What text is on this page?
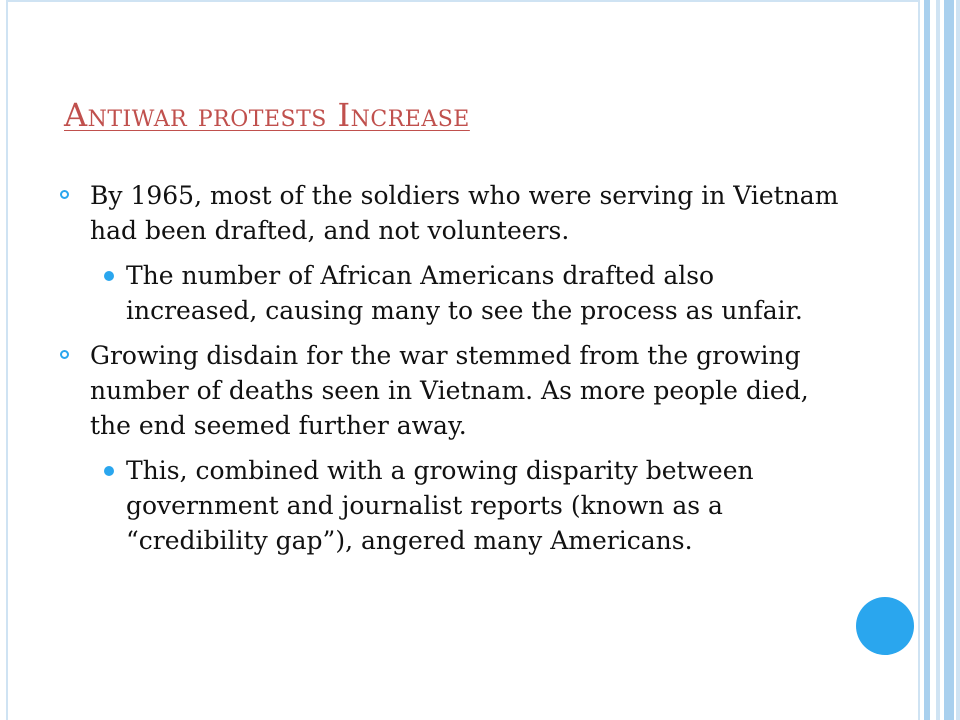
Antiwar protests Increase
By 1965, most of the soldiers who were serving in Vietnam had been drafted, and not volunteers.
The number of African Americans drafted also increased, causing many to see the process as unfair.
Growing disdain for the war stemmed from the growing number of deaths seen in Vietnam. As more people died, the end seemed further away.
This, combined with a growing disparity between government and journalist reports (known as a “credibility gap”), angered many Americans.
